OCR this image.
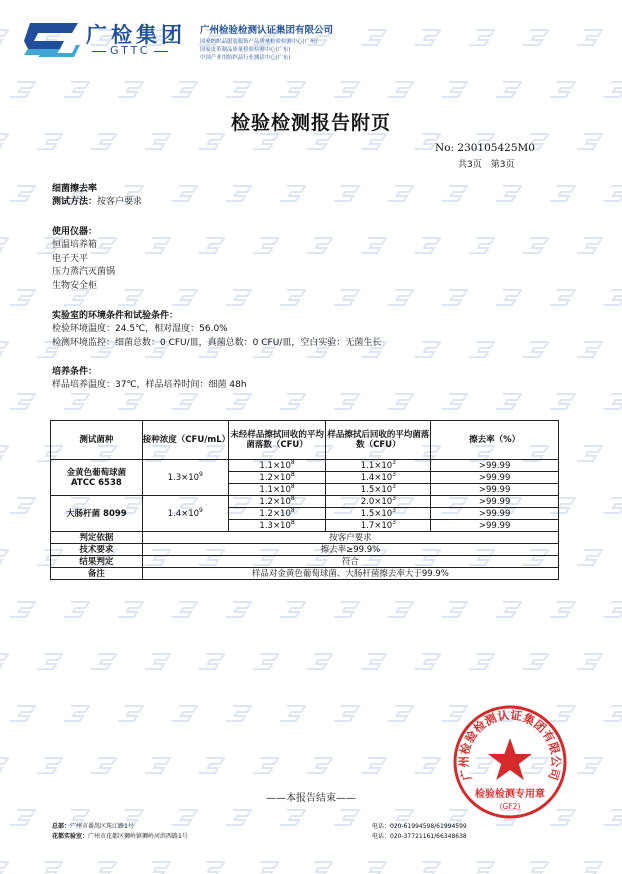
广检集团
GTTC
广州检验检测认证集团有限公司
国家纺织品服装服饰产品质量检验检测中心(广州)
国家皮革制品质量检验检测中心(广东)
中国产业用纺织品行业测试中心(广东)
检验检测报告附页
No: 230105425M0
共3页　第3页
细菌擦去率
测试方法：按客户要求
使用仪器：
恒温培养箱
电子天平
压力蒸汽灭菌锅
生物安全柜
实验室的环境条件和试验条件：
检验环境温度：24.5℃，相对湿度：56.0%
检测环境监控：细菌总数：0 CFU/皿，真菌总数：0 CFU/皿，空白实验：无菌生长
培养条件：
样品培养温度：37℃，样品培养时间：细菌 48h
测试菌种	接种浓度（CFU/mL）	未经样品擦拭回收的平均菌落数（CFU）	样品擦拭后回收的平均菌落数（CFU）	擦去率（%）
金黄色葡萄球菌
ATCC 6538	$1.3\times 10^9$	$1.1\times 10^8$	$1.1\times 10^3$	>99.99
		$1.2\times 10^8$	$1.4\times 10^3$	>99.99
		$1.1\times 10^8$	$1.5\times 10^3$	>99.99
大肠杆菌 8099	$1.4\times 10^9$	$1.2\times 10^8$	$2.0\times 10^3$	>99.99
		$1.2\times 10^8$	$1.5\times 10^3$	>99.99
		$1.3\times 10^8$	$1.7\times 10^3$	>99.99
判定依据	按客户要求			
技术要求	擦去率≥99.9%			
结果判定	符合			
备注	样品对金黄色葡萄球菌、大肠杆菌擦去率大于99.9%			
广州检验检测认证集团有限公司
检验检测专用章
(GF2)
——本报告结束——
总部：广州市番禺区珠江路1号
花都实验室：广州市花都区狮岭镇狮岭河滨西路1号
电话：020-61994598/61994599
电话：020-37721161/66348638
